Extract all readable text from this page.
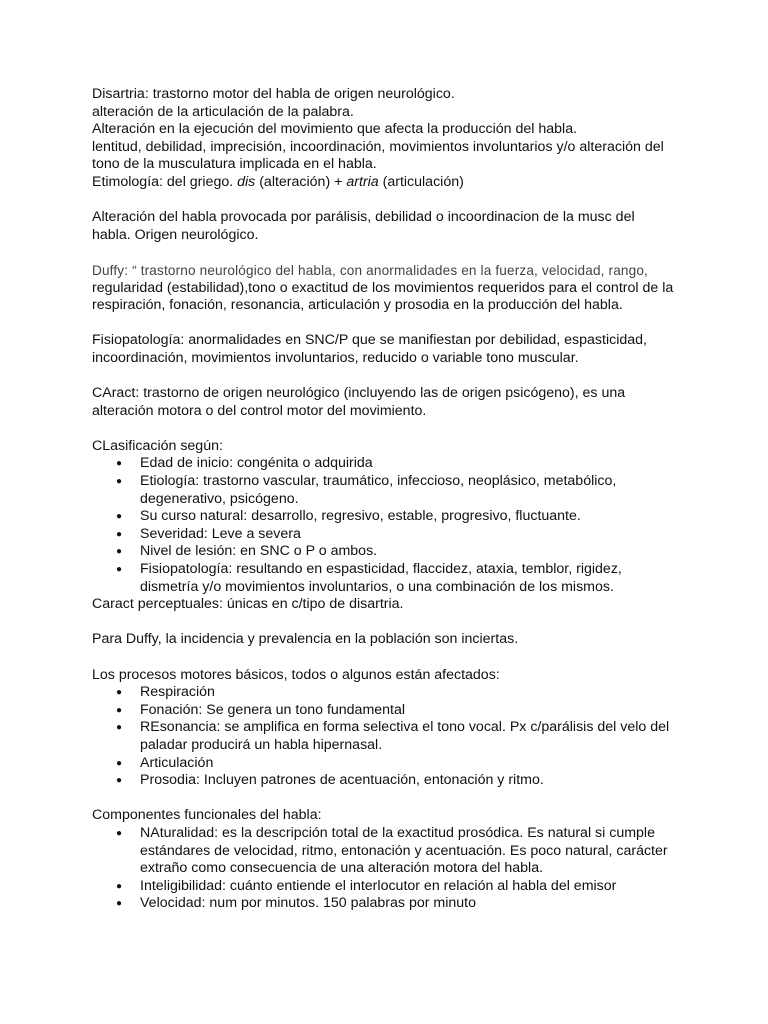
Disartria: trastorno motor del habla de origen neurológico.
alteración de la articulación de la palabra.
Alteración en la ejecución del movimiento que afecta la producción del habla.
lentitud, debilidad, imprecisión, incoordinación, movimientos involuntarios y/o alteración del
tono de la musculatura implicada en el habla.
Etimología: del griego. dis (alteración) + artria (articulación)
Alteración del habla provocada por parálisis, debilidad o incoordinacion de la musc del
habla. Origen neurológico.
Duffy: “ trastorno neurológico del habla, con anormalidades en la fuerza, velocidad, rango,
regularidad (estabilidad),tono o exactitud de los movimientos requeridos para el control de la
respiración, fonación, resonancia, articulación y prosodia en la producción del habla.
Fisiopatología: anormalidades en SNC/P que se manifiestan por debilidad, espasticidad,
incoordinación, movimientos involuntarios, reducido o variable tono muscular.
CAract: trastorno de origen neurológico (incluyendo las de origen psicógeno), es una
alteración motora o del control motor del movimiento.
CLasificación según:
● Edad de inicio: congénita o adquirida
● Etiología: trastorno vascular, traumático, infeccioso, neoplásico, metabólico,
degenerativo, psicógeno.
● Su curso natural: desarrollo, regresivo, estable, progresivo, fluctuante.
● Severidad: Leve a severa
● Nivel de lesión: en SNC o P o ambos.
● Fisiopatología: resultando en espasticidad, flaccidez, ataxia, temblor, rigidez,
dismetría y/o movimientos involuntarios, o una combinación de los mismos.
Caract perceptuales: únicas en c/tipo de disartria.
Para Duffy, la incidencia y prevalencia en la población son inciertas.
Los procesos motores básicos, todos o algunos están afectados:
● Respiración
● Fonación: Se genera un tono fundamental
● REsonancia: se amplifica en forma selectiva el tono vocal. Px c/parálisis del velo del
paladar producirá un habla hipernasal.
● Articulación
● Prosodia: Incluyen patrones de acentuación, entonación y ritmo.
Componentes funcionales del habla:
● NAturalidad: es la descripción total de la exactitud prosódica. Es natural si cumple
estándares de velocidad, ritmo, entonación y acentuación. Es poco natural, carácter
extraño como consecuencia de una alteración motora del habla.
● Inteligibilidad: cuánto entiende el interlocutor en relación al habla del emisor
● Velocidad: num por minutos. 150 palabras por minuto
